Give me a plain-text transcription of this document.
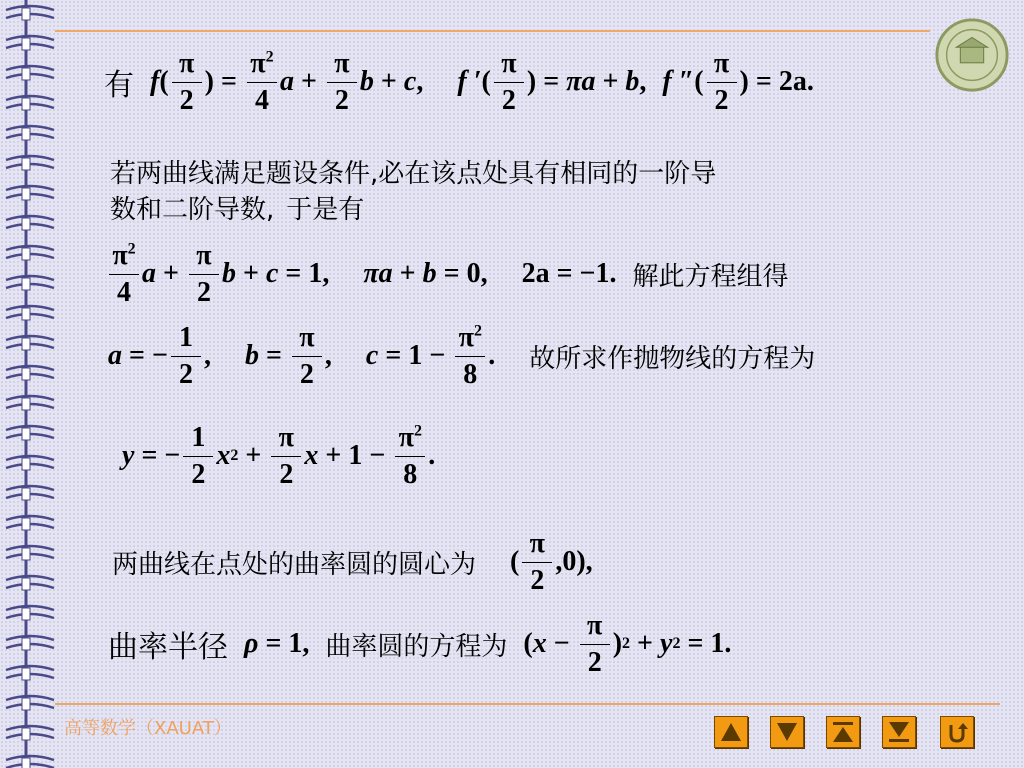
有 f ( $\frac{\pi}{2}$ ) = $\frac{\pi^2}{4}$ $a + \frac{\pi}{2}$ b + c , f ′ ( $\frac{\pi}{2}$ ) = πa + b , f ″ ( $\frac{\pi}{2}$ ) = 2a .
若两曲线满足题设条件,必在该点处具有相同的一阶导
数和二阶导数, 于是有
$\frac{\pi^2}{4}$ $a + \frac{\pi}{2}$ b + c = 1, πa + b = 0, 2a = −1. 解此方程组得
a = − $\frac{1}{2}$ , $b = \frac{\pi}{2}$ , $c = 1 - \frac{\pi^2}{8}$ . 故所求作抛物线的方程为
y = − $\frac{1}{2}$ x $2 + \frac{\pi}{2}$ $x + 1 - \frac{\pi^2}{8}$ .
两曲线在点处的曲率圆的圆心为 ( $\frac{\pi}{2} ,0$),
曲率半径 ρ = 1, 曲率圆的方程为 ( $x - \frac{\pi}{2}$ ) 2 + y 2 = 1.
高等数学（XAUAT）
